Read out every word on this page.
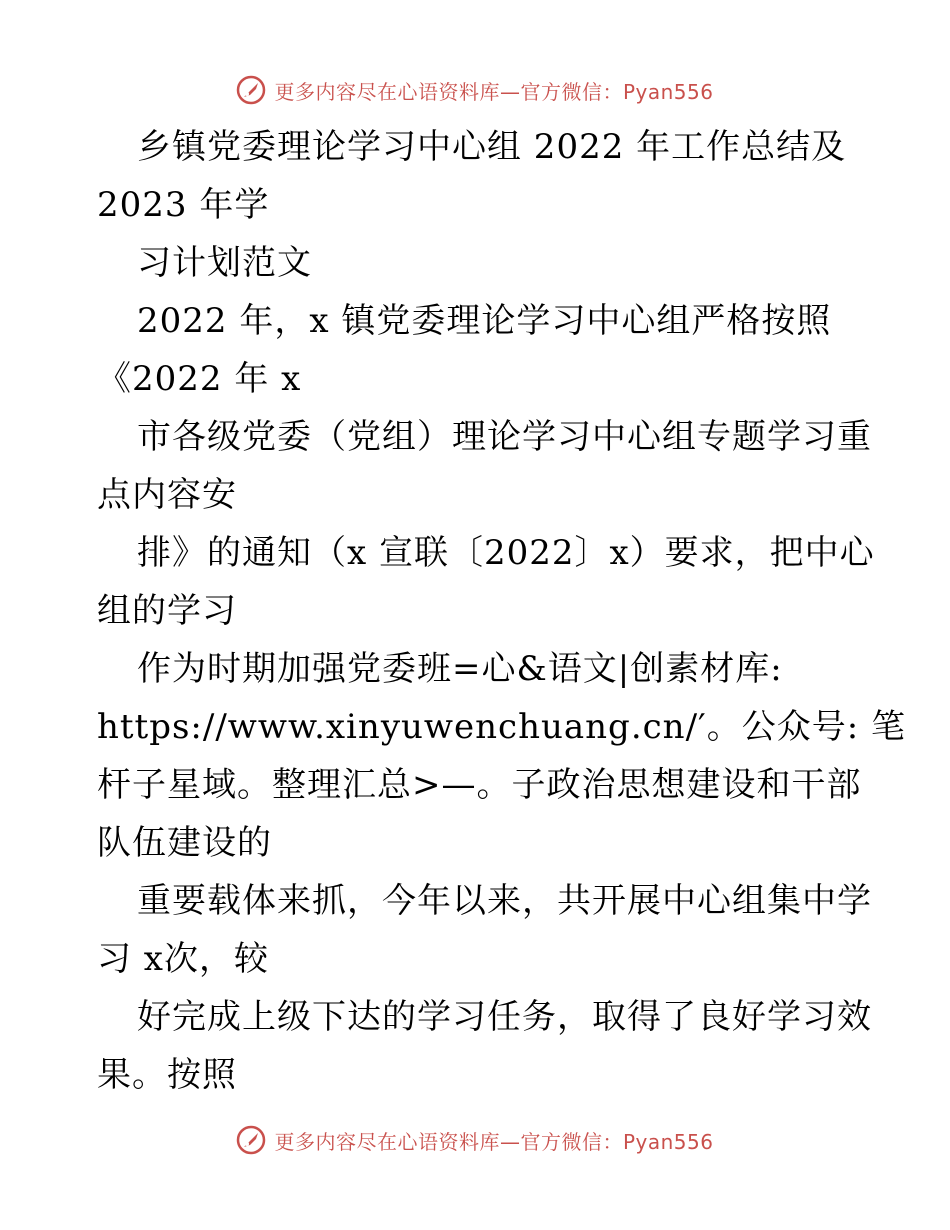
更多内容尽在心语资料库—官方微信：Pyan556
乡镇党委理论学习中心组 2022 年工作总结及
2023 年学
习计划范文
2022 年，x 镇党委理论学习中心组严格按照
《2022 年 x
市各级党委（党组）理论学习中心组专题学习重
点内容安
排》的通知（x 宣联〔2022〕x）要求，把中心
组的学习
作为时期加强党委班=心&语文|创素材库:
https://www.xinyuwenchuang.cn/′。公众号: 笔
杆子星域。整理汇总>—。子政治思想建设和干部
队伍建设的
重要载体来抓，今年以来，共开展中心组集中学
习 x次，较
好完成上级下达的学习任务，取得了良好学习效
果。按照
更多内容尽在心语资料库—官方微信：Pyan556
